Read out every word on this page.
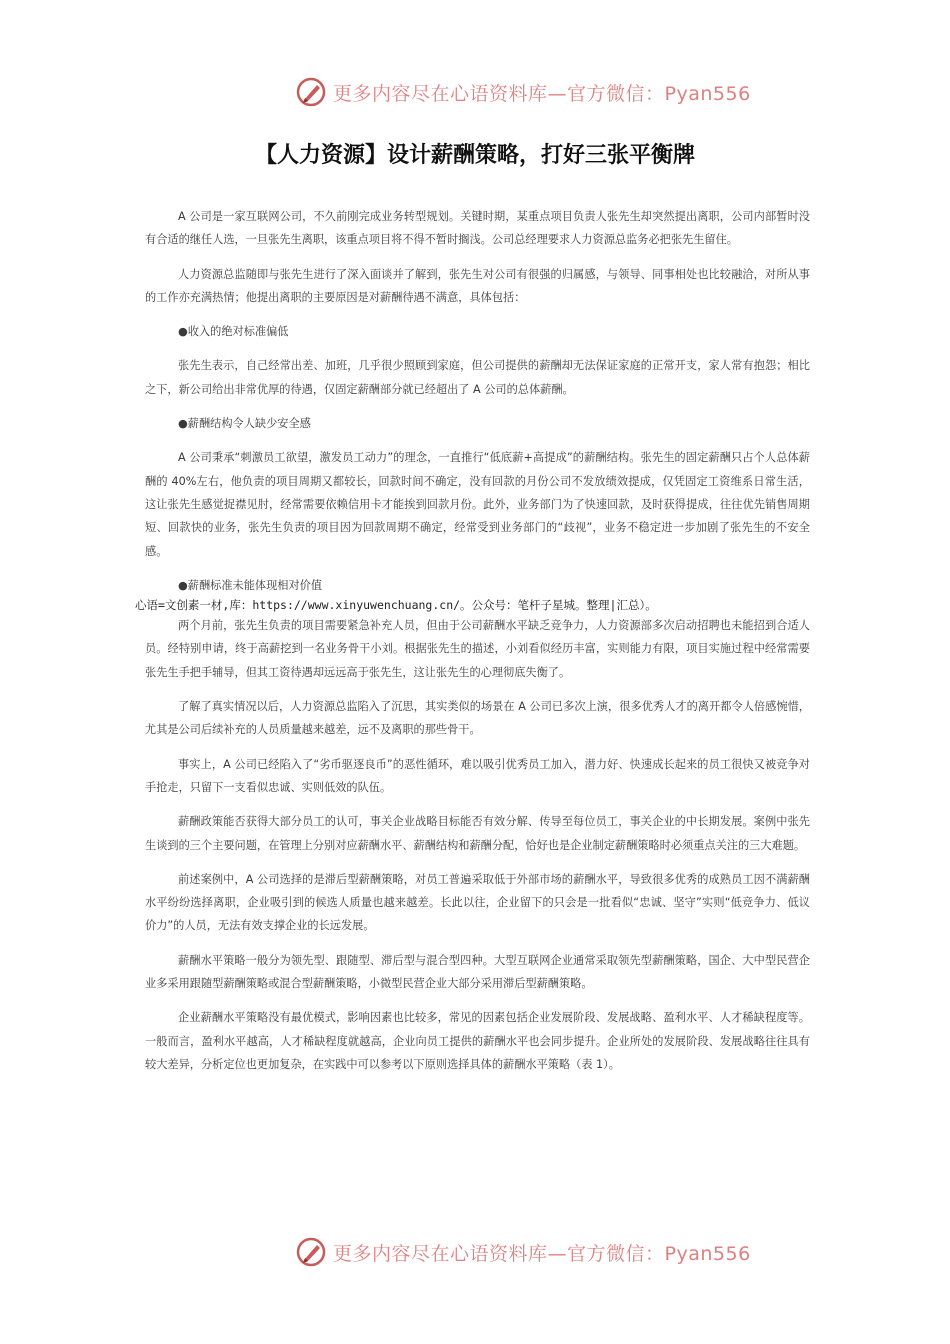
更多内容尽在心语资料库—官方微信：Pyan556
【人力资源】设计薪酬策略，打好三张平衡牌

A 公司是一家互联网公司，不久前刚完成业务转型规划。关键时期，某重点项目负责人张先生却突然提出离职，公司内部暂时没有合适的继任人选，一旦张先生离职，该重点项目将不得不暂时搁浅。公司总经理要求人力资源总监务必把张先生留住。

人力资源总监随即与张先生进行了深入面谈并了解到，张先生对公司有很强的归属感，与领导、同事相处也比较融洽，对所从事的工作亦充满热情；他提出离职的主要原因是对薪酬待遇不满意，具体包括：

●收入的绝对标准偏低

张先生表示，自己经常出差、加班，几乎很少照顾到家庭，但公司提供的薪酬却无法保证家庭的正常开支，家人常有抱怨；相比之下，新公司给出非常优厚的待遇，仅固定薪酬部分就已经超出了 A 公司的总体薪酬。

●薪酬结构令人缺少安全感

A 公司秉承“刺激员工欲望，激发员工动力”的理念，一直推行“低底薪+高提成”的薪酬结构。张先生的固定薪酬只占个人总体薪酬的 40%左右，他负责的项目周期又都较长，回款时间不确定，没有回款的月份公司不发放绩效提成，仅凭固定工资维系日常生活，这让张先生感觉捉襟见肘，经常需要依赖信用卡才能挨到回款月份。此外，业务部门为了快速回款，及时获得提成，往往优先销售周期短、回款快的业务，张先生负责的项目因为回款周期不确定，经常受到业务部门的“歧视”，业务不稳定进一步加剧了张先生的不安全感。

●薪酬标准未能体现相对价值

心语=文创素一材,库：https://www.xinyuwenchuang.cn/。公众号：笔杆子星城。整理|汇总）。

两个月前，张先生负责的项目需要紧急补充人员，但由于公司薪酬水平缺乏竞争力，人力资源部多次启动招聘也未能招到合适人员。经特别申请，终于高薪挖到一名业务骨干小刘。根据张先生的描述，小刘看似经历丰富，实则能力有限，项目实施过程中经常需要张先生手把手辅导，但其工资待遇却远远高于张先生，这让张先生的心理彻底失衡了。

了解了真实情况以后，人力资源总监陷入了沉思，其实类似的场景在 A 公司已多次上演，很多优秀人才的离开都令人倍感惋惜，尤其是公司后续补充的人员质量越来越差，远不及离职的那些骨干。

事实上，A 公司已经陷入了“劣币驱逐良币”的恶性循环，难以吸引优秀员工加入，潜力好、快速成长起来的员工很快又被竞争对手抢走，只留下一支看似忠诚、实则低效的队伍。

薪酬政策能否获得大部分员工的认可，事关企业战略目标能否有效分解、传导至每位员工，事关企业的中长期发展。案例中张先生谈到的三个主要问题，在管理上分别对应薪酬水平、薪酬结构和薪酬分配，恰好也是企业制定薪酬策略时必须重点关注的三大难题。

前述案例中，A 公司选择的是滞后型薪酬策略，对员工普遍采取低于外部市场的薪酬水平，导致很多优秀的成熟员工因不满薪酬水平纷纷选择离职，企业吸引到的候选人质量也越来越差。长此以往，企业留下的只会是一批看似“忠诚、坚守”实则“低竞争力、低议价力”的人员，无法有效支撑企业的长远发展。

薪酬水平策略一般分为领先型、跟随型、滞后型与混合型四种。大型互联网企业通常采取领先型薪酬策略，国企、大中型民营企业多采用跟随型薪酬策略或混合型薪酬策略，小微型民营企业大部分采用滞后型薪酬策略。

企业薪酬水平策略没有最优模式，影响因素也比较多，常见的因素包括企业发展阶段、发展战略、盈利水平、人才稀缺程度等。一般而言，盈利水平越高，人才稀缺程度就越高，企业向员工提供的薪酬水平也会同步提升。企业所处的发展阶段、发展战略往往具有较大差异，分析定位也更加复杂，在实践中可以参考以下原则选择具体的薪酬水平策略（表 1）。

更多内容尽在心语资料库—官方微信：Pyan556
